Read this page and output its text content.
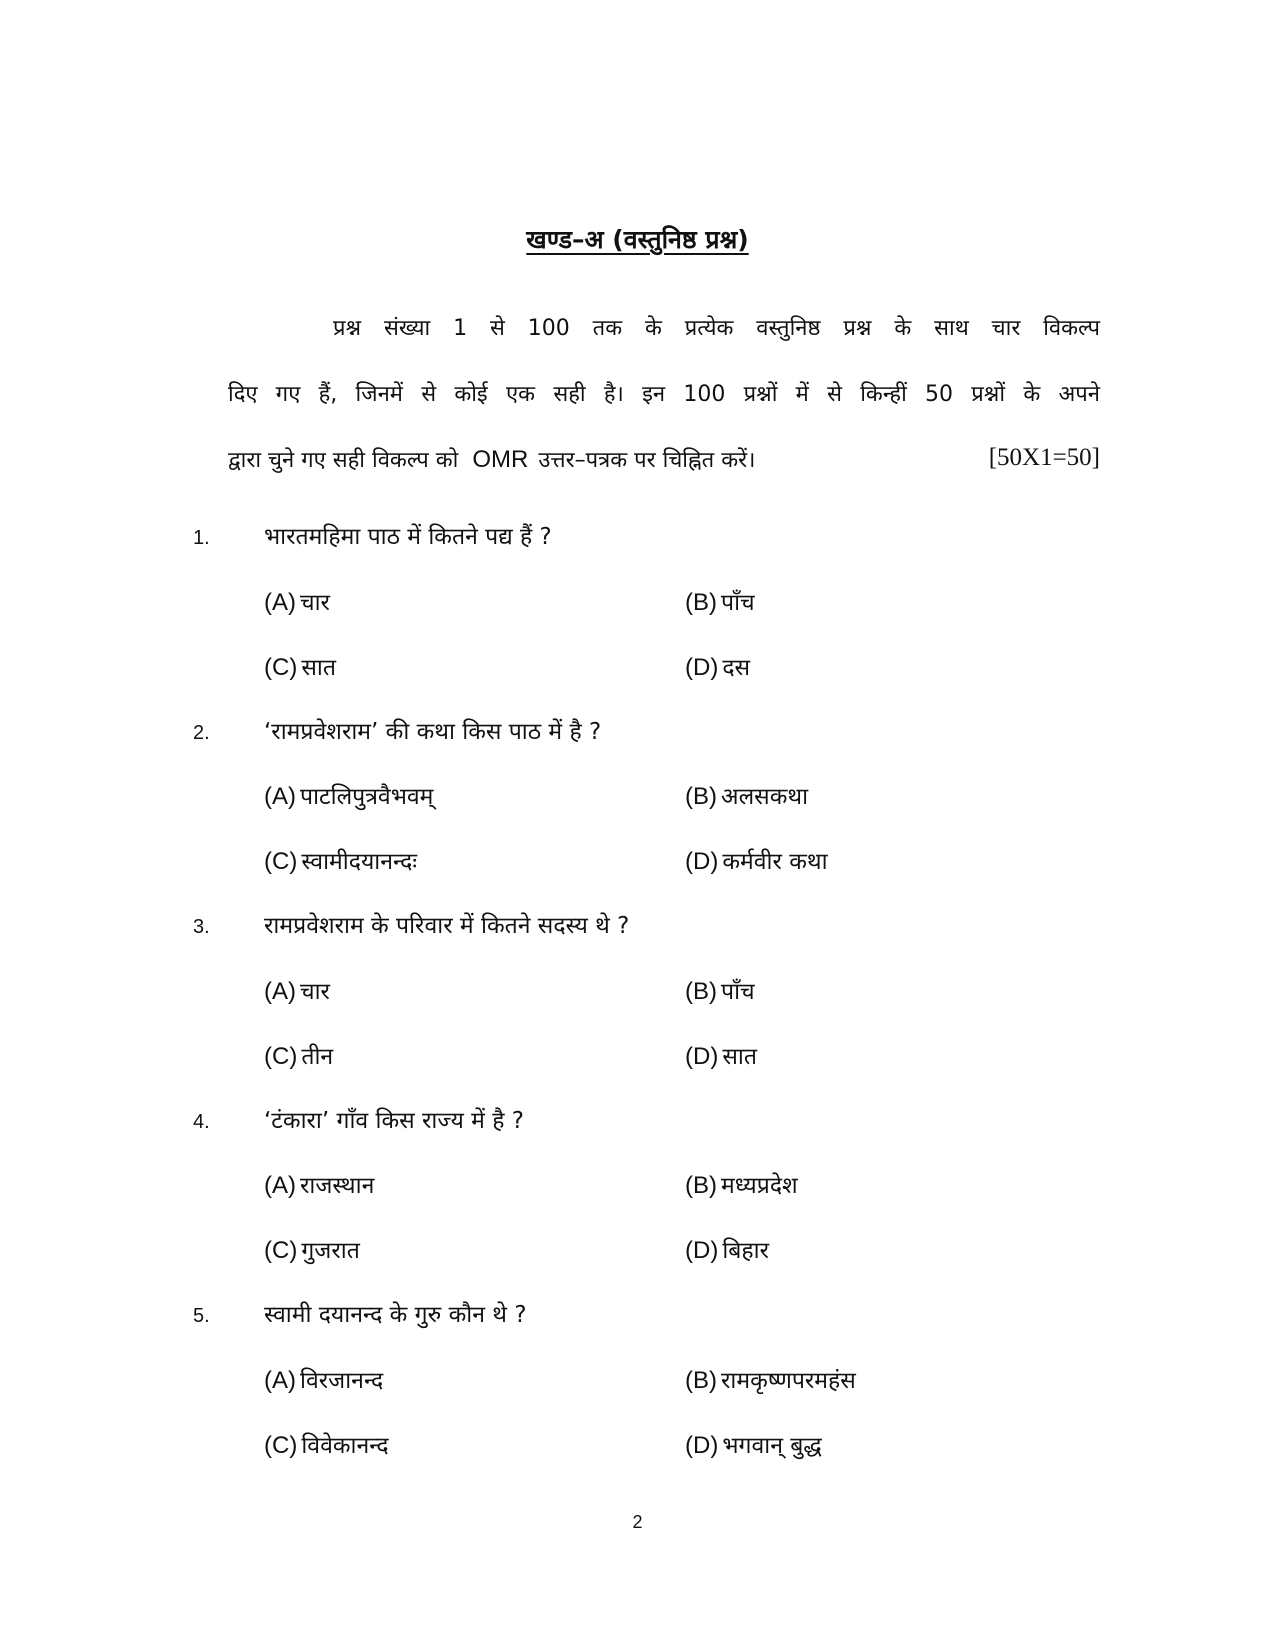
खण्ड–अ (वस्तुनिष्ठ प्रश्न)
प्रश्न संख्या 1 से 100 तक के प्रत्येक वस्तुनिष्ठ प्रश्न के साथ चार विकल्प
दिए गए हैं, जिनमें से कोई एक सही है। इन 100 प्रश्नों में से किन्हीं 50 प्रश्नों के अपने
द्वारा चुने गए सही विकल्प को OMR उत्तर–पत्रक पर चिह्नित करें।	[50X1=50]
1. भारतमहिमा पाठ में कितने पद्य हैं ?
(A) चार	(B) पाँच
(C) सात	(D) दस
2. ‘रामप्रवेशराम’ की कथा किस पाठ में है ?
(A) पाटलिपुत्रवैभवम्	(B) अलसकथा
(C) स्वामीदयानन्दः	(D) कर्मवीर कथा
3. रामप्रवेशराम के परिवार में कितने सदस्य थे ?
(A) चार	(B) पाँच
(C) तीन	(D) सात
4. ‘टंकारा’ गाँव किस राज्य में है ?
(A) राजस्थान	(B) मध्यप्रदेश
(C) गुजरात	(D) बिहार
5. स्वामी दयानन्द के गुरु कौन थे ?
(A) विरजानन्द	(B) रामकृष्णपरमहंस
(C) विवेकानन्द	(D) भगवान् बुद्ध
2
